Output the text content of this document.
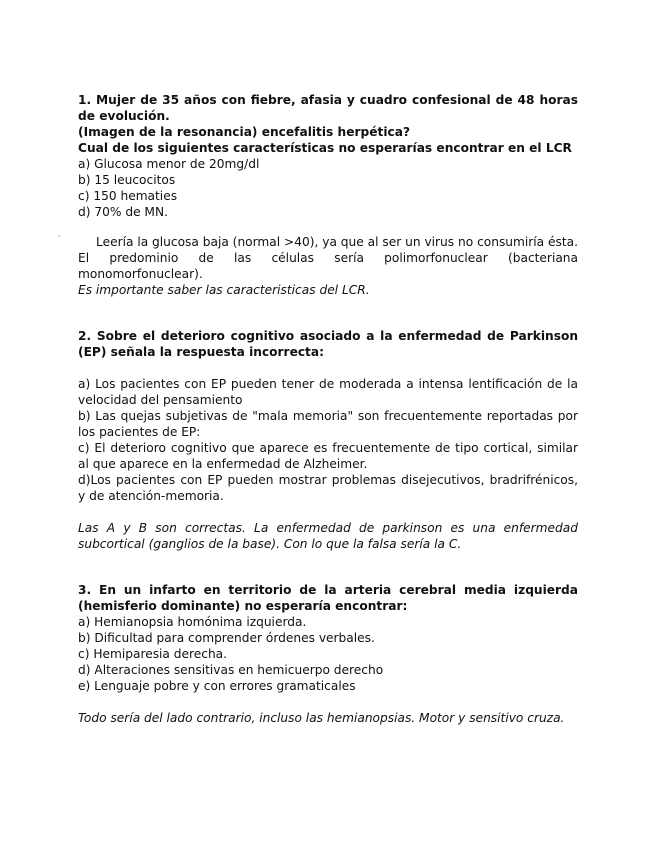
·

1. Mujer de 35 años con fiebre, afasia y cuadro confesional de 48 horas de evolución.

(Imagen de la resonancia) encefalitis herpética?

Cual de los siguientes características no esperarías encontrar en el LCR

a) Glucosa menor de 20mg/dl

b) 15 leucocitos

c) 150 hematies

d) 70% de MN.

Leería la glucosa baja (normal >40), ya que al ser un virus no consumiría ésta. El predominio de las células sería polimorfonuclear (bacteriana monomorfonuclear).

Es importante saber las caracteristicas del LCR.

2. Sobre el deterioro cognitivo asociado a la enfermedad de Parkinson (EP) señala la respuesta incorrecta:

a) Los pacientes con EP pueden tener de moderada a intensa lentificación de la velocidad del pensamiento

b) Las quejas subjetivas de "mala memoria" son frecuentemente reportadas por los pacientes de EP:

c) El deterioro cognitivo que aparece es frecuentemente de tipo cortical, similar al que aparece en la enfermedad de Alzheimer.

d)Los pacientes con EP pueden mostrar problemas disejecutivos, bradrifrénicos, y de atención-memoria.

Las A y B son correctas. La enfermedad de parkinson es una enfermedad subcortical (ganglios de la base). Con lo que la falsa sería la C.

3. En un infarto en territorio de la arteria cerebral media izquierda (hemisferio dominante) no esperaría encontrar:

a) Hemianopsia homónima izquierda.

b) Dificultad para comprender órdenes verbales.

c) Hemiparesia derecha.

d) Alteraciones sensitivas en hemicuerpo derecho

e) Lenguaje pobre y con errores gramaticales

Todo sería del lado contrario, incluso las hemianopsias. Motor y sensitivo cruza.
